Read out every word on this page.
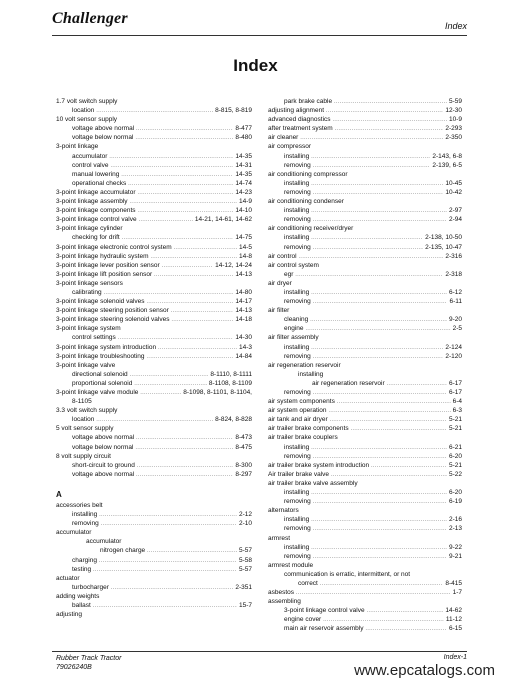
Challenger	Index
Index
1.7 volt switch supply
location .....	8-815, 8-819
10 volt sensor supply
voltage above normal .....	8-477
voltage below normal .....	8-480
3-point linkage
accumulator .....	14-35
control valve .....	14-31
manual lowering .....	14-35
operational checks .....	14-74
3-point linkage accumulator .....	14-23
3-point linkage assembly .....	14-9
3-point linkage components .....	14-10
3-point linkage control valve .....	14-21, 14-61, 14-62
3-point linkage cylinder
checking for drift .....	14-75
3-point linkage electronic control system .....	14-5
3-point linkage hydraulic system .....	14-8
3-point linkage lever position sensor .....	14-12, 14-24
3-point linkage lift position sensor .....	14-13
3-point linkage sensors
calibrating .....	14-80
3-point linkage solenoid valves .....	14-17
3-point linkage steering position sensor .....	14-13
3-point linkage steering solenoid valves .....	14-18
3-point linkage system
control settings .....	14-30
3-point linkage system introduction .....	14-3
3-point linkage troubleshooting .....	14-84
3-point linkage valve
directional solenoid .....	8-1110, 8-1111
proportional solenoid .....	8-1108, 8-1109
3-point linkage valve module .....	8-1098, 8-1101, 8-1104,
8-1105
3.3 volt switch supply
location .....	8-824, 8-828
5 volt sensor supply
voltage above normal .....	8-473
voltage below normal .....	8-475
8 volt supply circuit
short-circuit to ground .....	8-300
voltage above normal .....	8-297
A
accessories belt
installing .....	2-12
removing .....	2-10
accumulator
accumulator
nitrogen charge .....	5-57
charging .....	5-58
testing .....	5-57
actuator
turbocharger .....	2-351
adding weights
ballast .....	15-7
adjusting
park brake cable .....	5-59
adjusting alignment .....	12-30
advanced diagnostics .....	10-9
after treatment system .....	2-293
air cleaner .....	2-350
air compressor
installing .....	2-143, 6-8
removing .....	2-139, 6-5
air conditioning compressor
installing .....	10-45
removing .....	10-42
air conditioning condenser
installing .....	2-97
removing .....	2-94
air conditioning receiver/dryer
installing .....	2-138, 10-50
removing .....	2-135, 10-47
air control .....	2-316
air control system
egr .....	2-318
air dryer
installing .....	6-12
removing .....	6-11
air filter
cleaning .....	9-20
engine .....	2-5
air filter assembly
installing .....	2-124
removing .....	2-120
air regeneration reservoir
installing
air regeneration reservoir .....	6-17
removing .....	6-17
air system components .....	6-4
air system operation .....	6-3
air tank and air dryer .....	5-21
air trailer brake components .....	5-21
air trailer brake couplers
installing .....	6-21
removing .....	6-20
air trailer brake system introduction .....	5-21
Air trailer brake valve .....	5-22
air trailer brake valve assembly
installing .....	6-20
removing .....	6-19
alternators
installing .....	2-16
removing .....	2-13
armrest
installing .....	9-22
removing .....	9-21
armrest module
communication is erratic, intermittent, or not
correct .....	8-415
asbestos .....	1-7
assembling
3-point linkage control valve .....	14-62
engine cover .....	11-12
main air reservoir assembly .....	6-15
Rubber Track Tractor
79026240B
Index-1
www.epcatalogs.com
